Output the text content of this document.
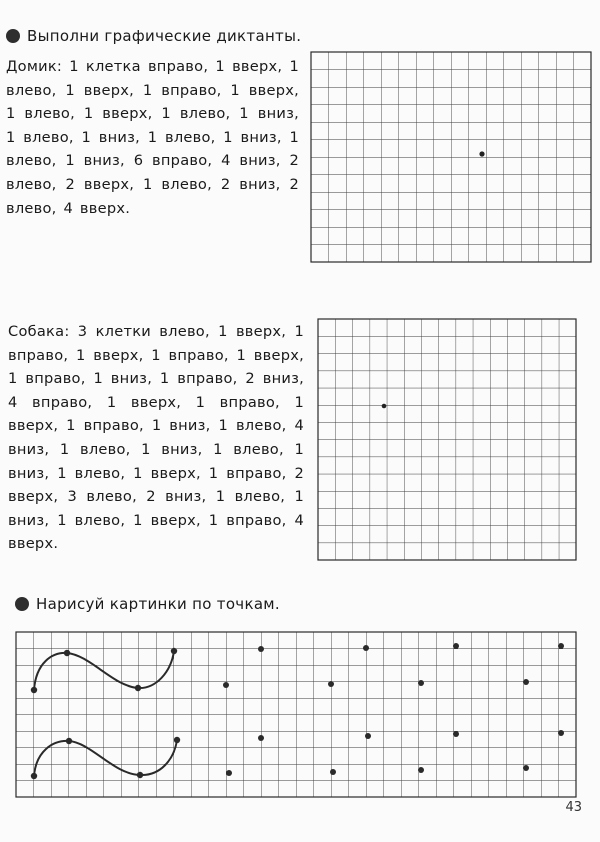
Выполни графические диктанты.

Домик: 1 клетка вправо, 1 вверх, 1 влево, 1 вверх, 1 вправо, 1 вверх, 1 влево, 1 вверх, 1 влево, 1 вниз, 1 влево, 1 вниз, 1 влево, 1 вниз, 1 влево, 1 вниз, 6 вправо, 4 вниз, 2 влево, 2 вверх, 1 влево, 2 вниз, 2 влево, 4 вверх.

Собака: 3 клетки влево, 1 вверх, 1 вправо, 1 вверх, 1 вправо, 1 вверх, 1 вправо, 1 вниз, 1 вправо, 2 вниз, 4 вправо, 1 вверх, 1 вправо, 1 вверх, 1 вправо, 1 вниз, 1 влево, 4 вниз, 1 влево, 1 вниз, 1 влево, 1 вниз, 1 влево, 1 вверх, 1 вправо, 2 вверх, 3 влево, 2 вниз, 1 влево, 1 вниз, 1 влево, 1 вверх, 1 вправо, 4 вверх.

Нарисуй картинки по точкам.
43
